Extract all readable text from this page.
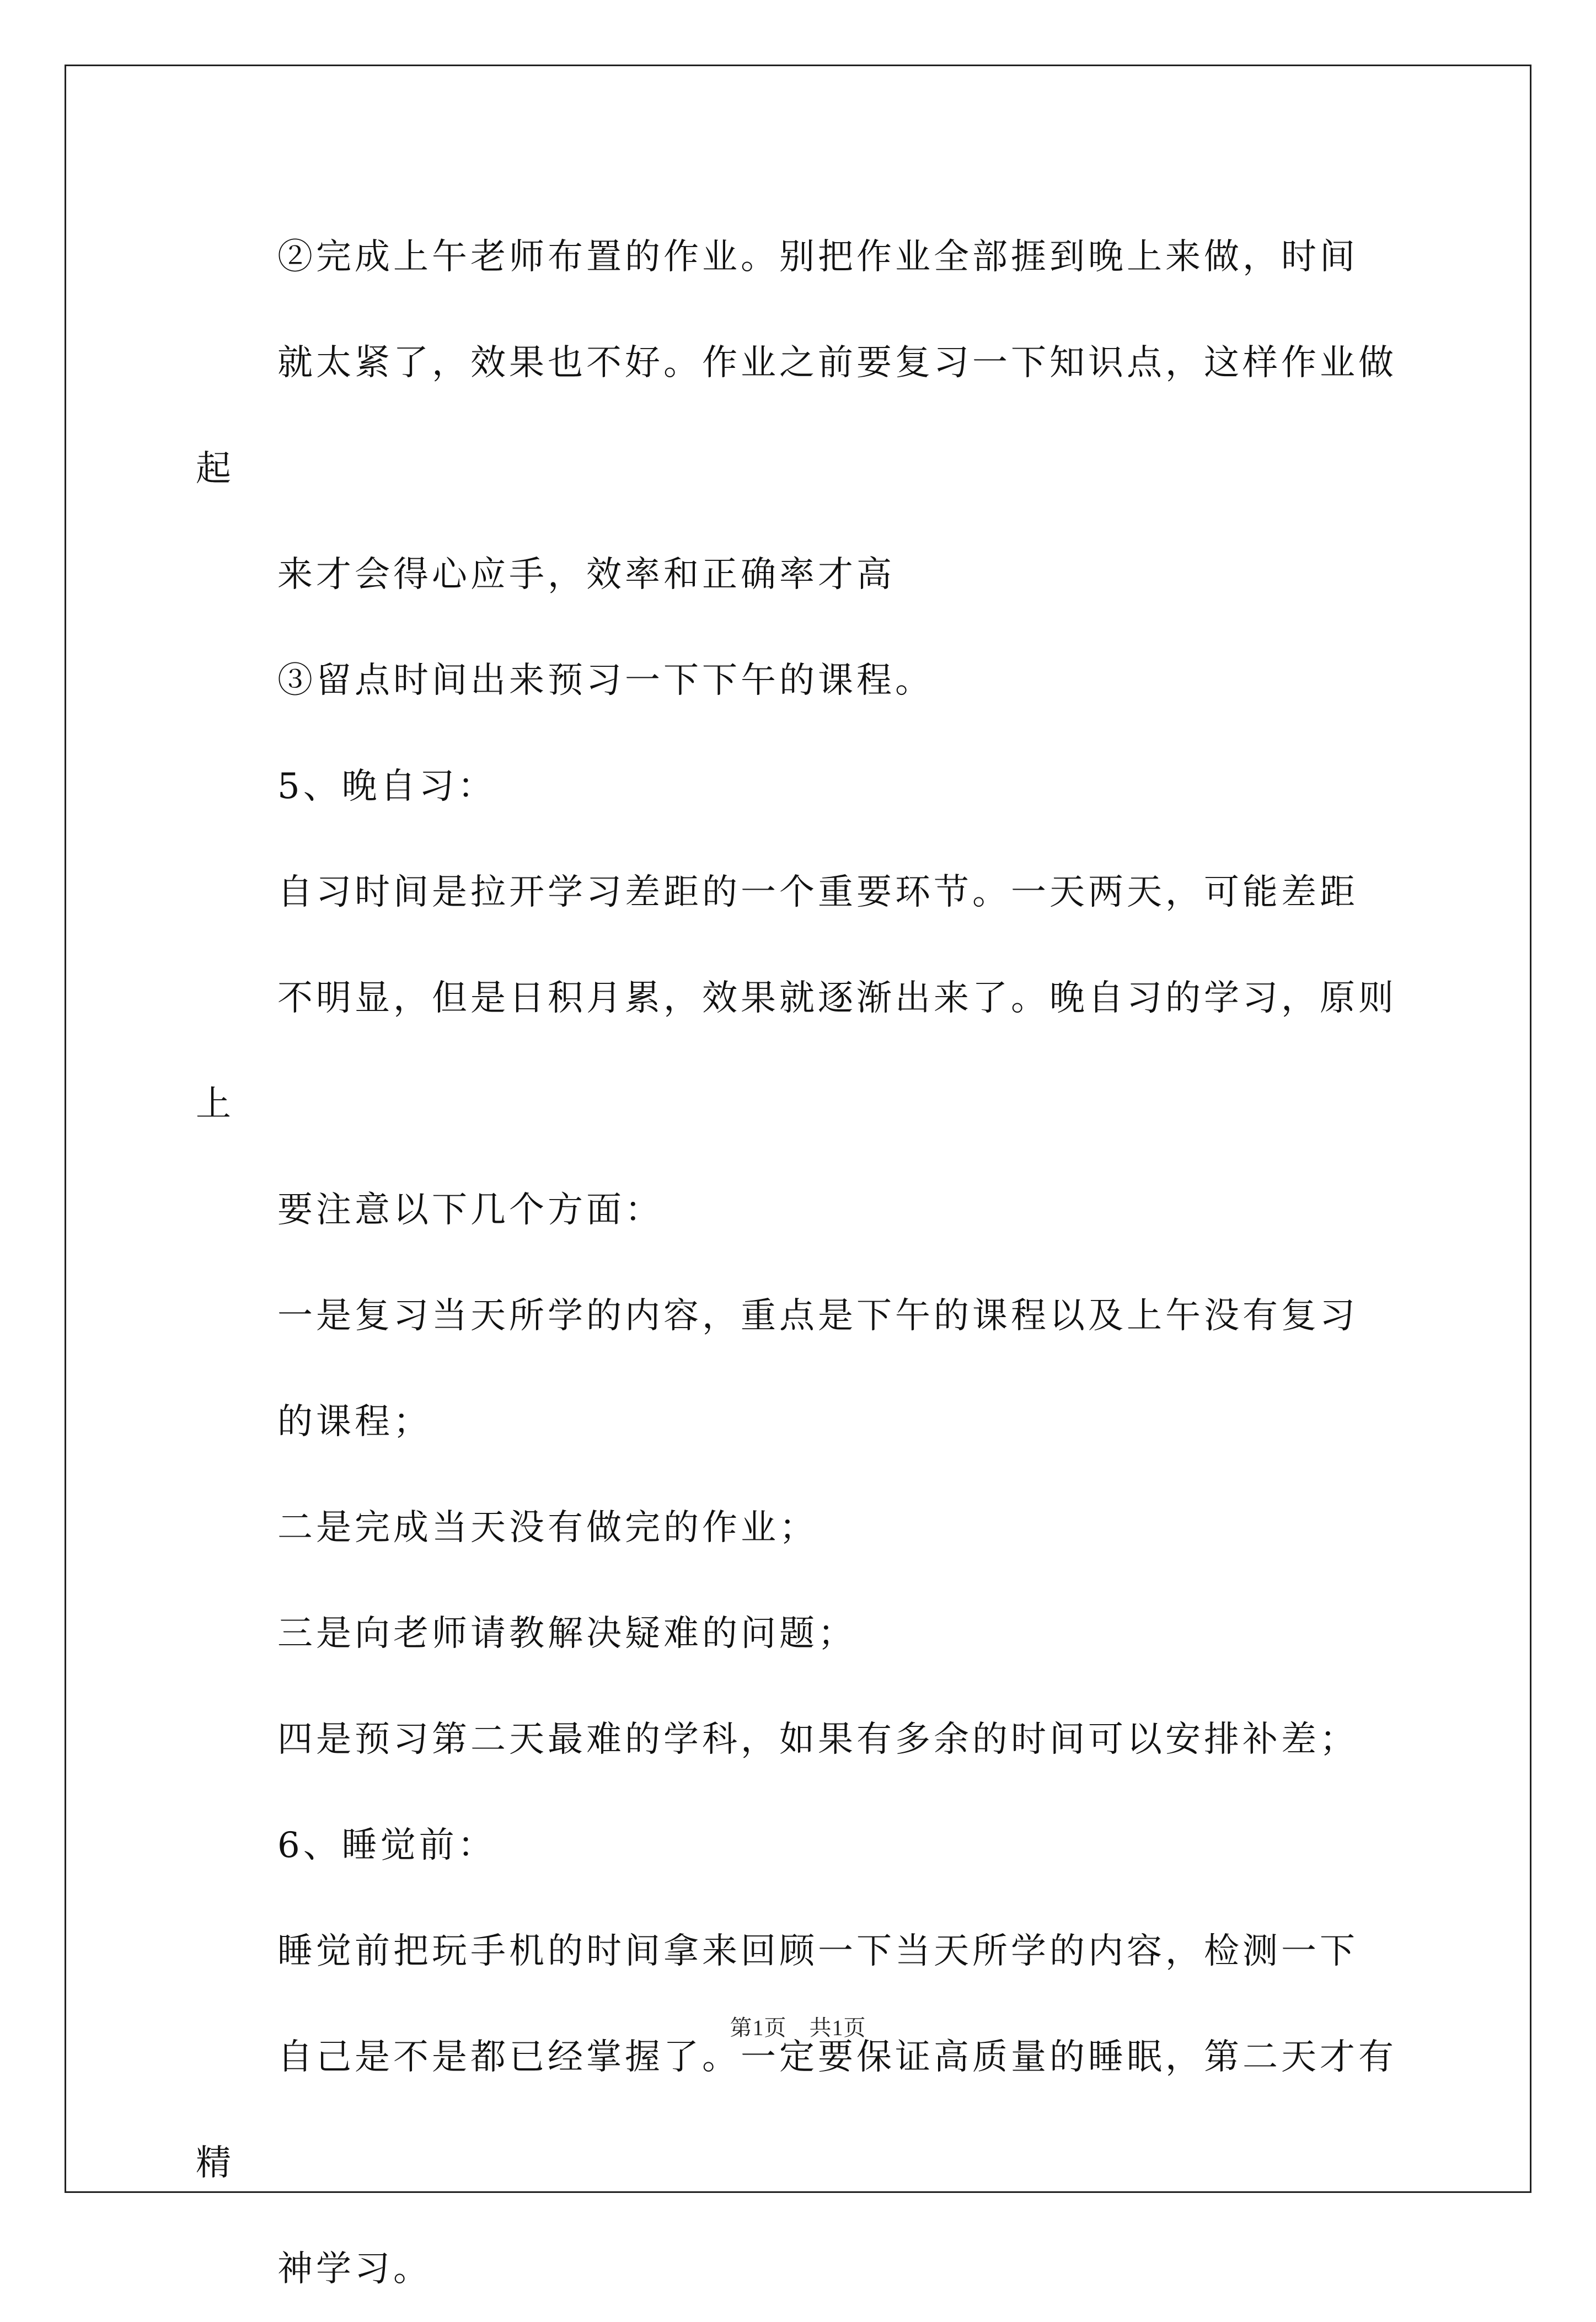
②完成上午老师布置的作业。别把作业全部捱到晚上来做，时间
就太紧了，效果也不好。作业之前要复习一下知识点，这样作业做起
来才会得心应手，效率和正确率才高

③留点时间出来预习一下下午的课程。

5、晚自习：

自习时间是拉开学习差距的一个重要环节。一天两天，可能差距
不明显，但是日积月累，效果就逐渐出来了。晚自习的学习，原则上
要注意以下几个方面：

一是复习当天所学的内容，重点是下午的课程以及上午没有复习
的课程；

二是完成当天没有做完的作业；

三是向老师请教解决疑难的问题；

四是预习第二天最难的学科，如果有多余的时间可以安排补差；

6、睡觉前：

睡觉前把玩手机的时间拿来回顾一下当天所学的内容，检测一下
自己是不是都已经掌握了。一定要保证高质量的睡眠，第二天才有精
神学习。

第1页　共1页
